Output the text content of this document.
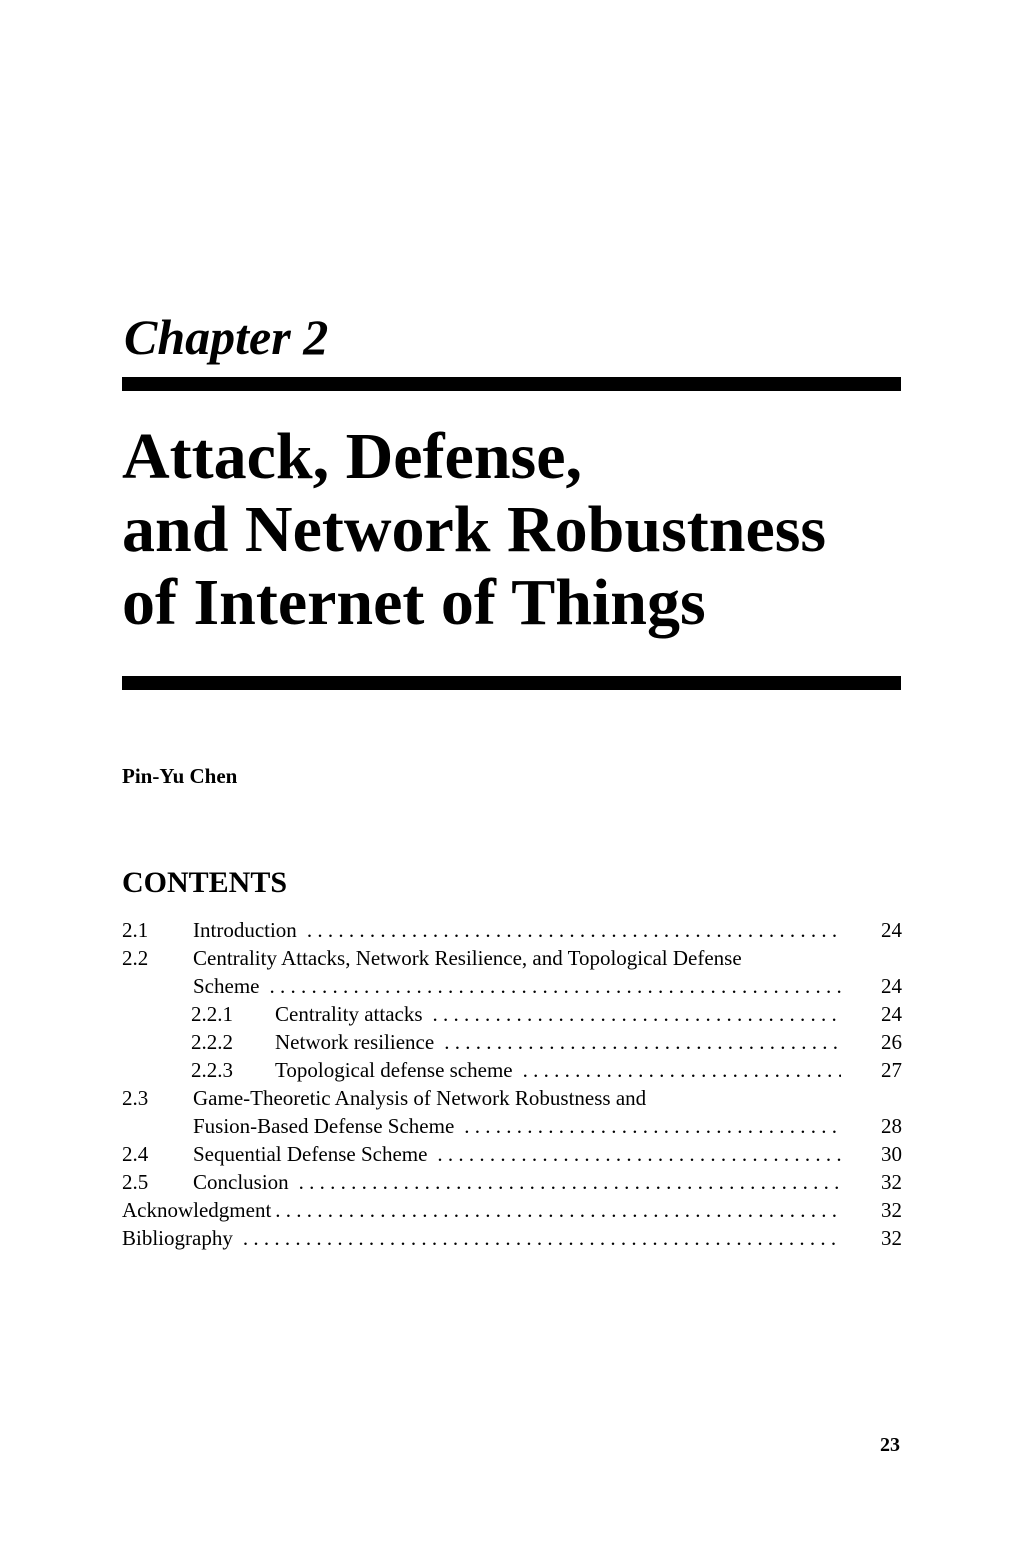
Chapter 2
Attack, Defense,
and Network Robustness
of Internet of Things
Pin-Yu Chen
CONTENTS
2.1 Introduction . . .	24
2.2 Centrality Attacks, Network Resilience, and Topological Defense
Scheme . . .	24
2.2.1 Centrality attacks . . .	24
2.2.2 Network resilience . . .	26
2.2.3 Topological defense scheme . . .	27
2.3 Game-Theoretic Analysis of Network Robustness and
Fusion-Based Defense Scheme . . .	28
2.4 Sequential Defense Scheme . . .	30
2.5 Conclusion . . .	32
Acknowledgment . . .	32
Bibliography . . .	32
23
